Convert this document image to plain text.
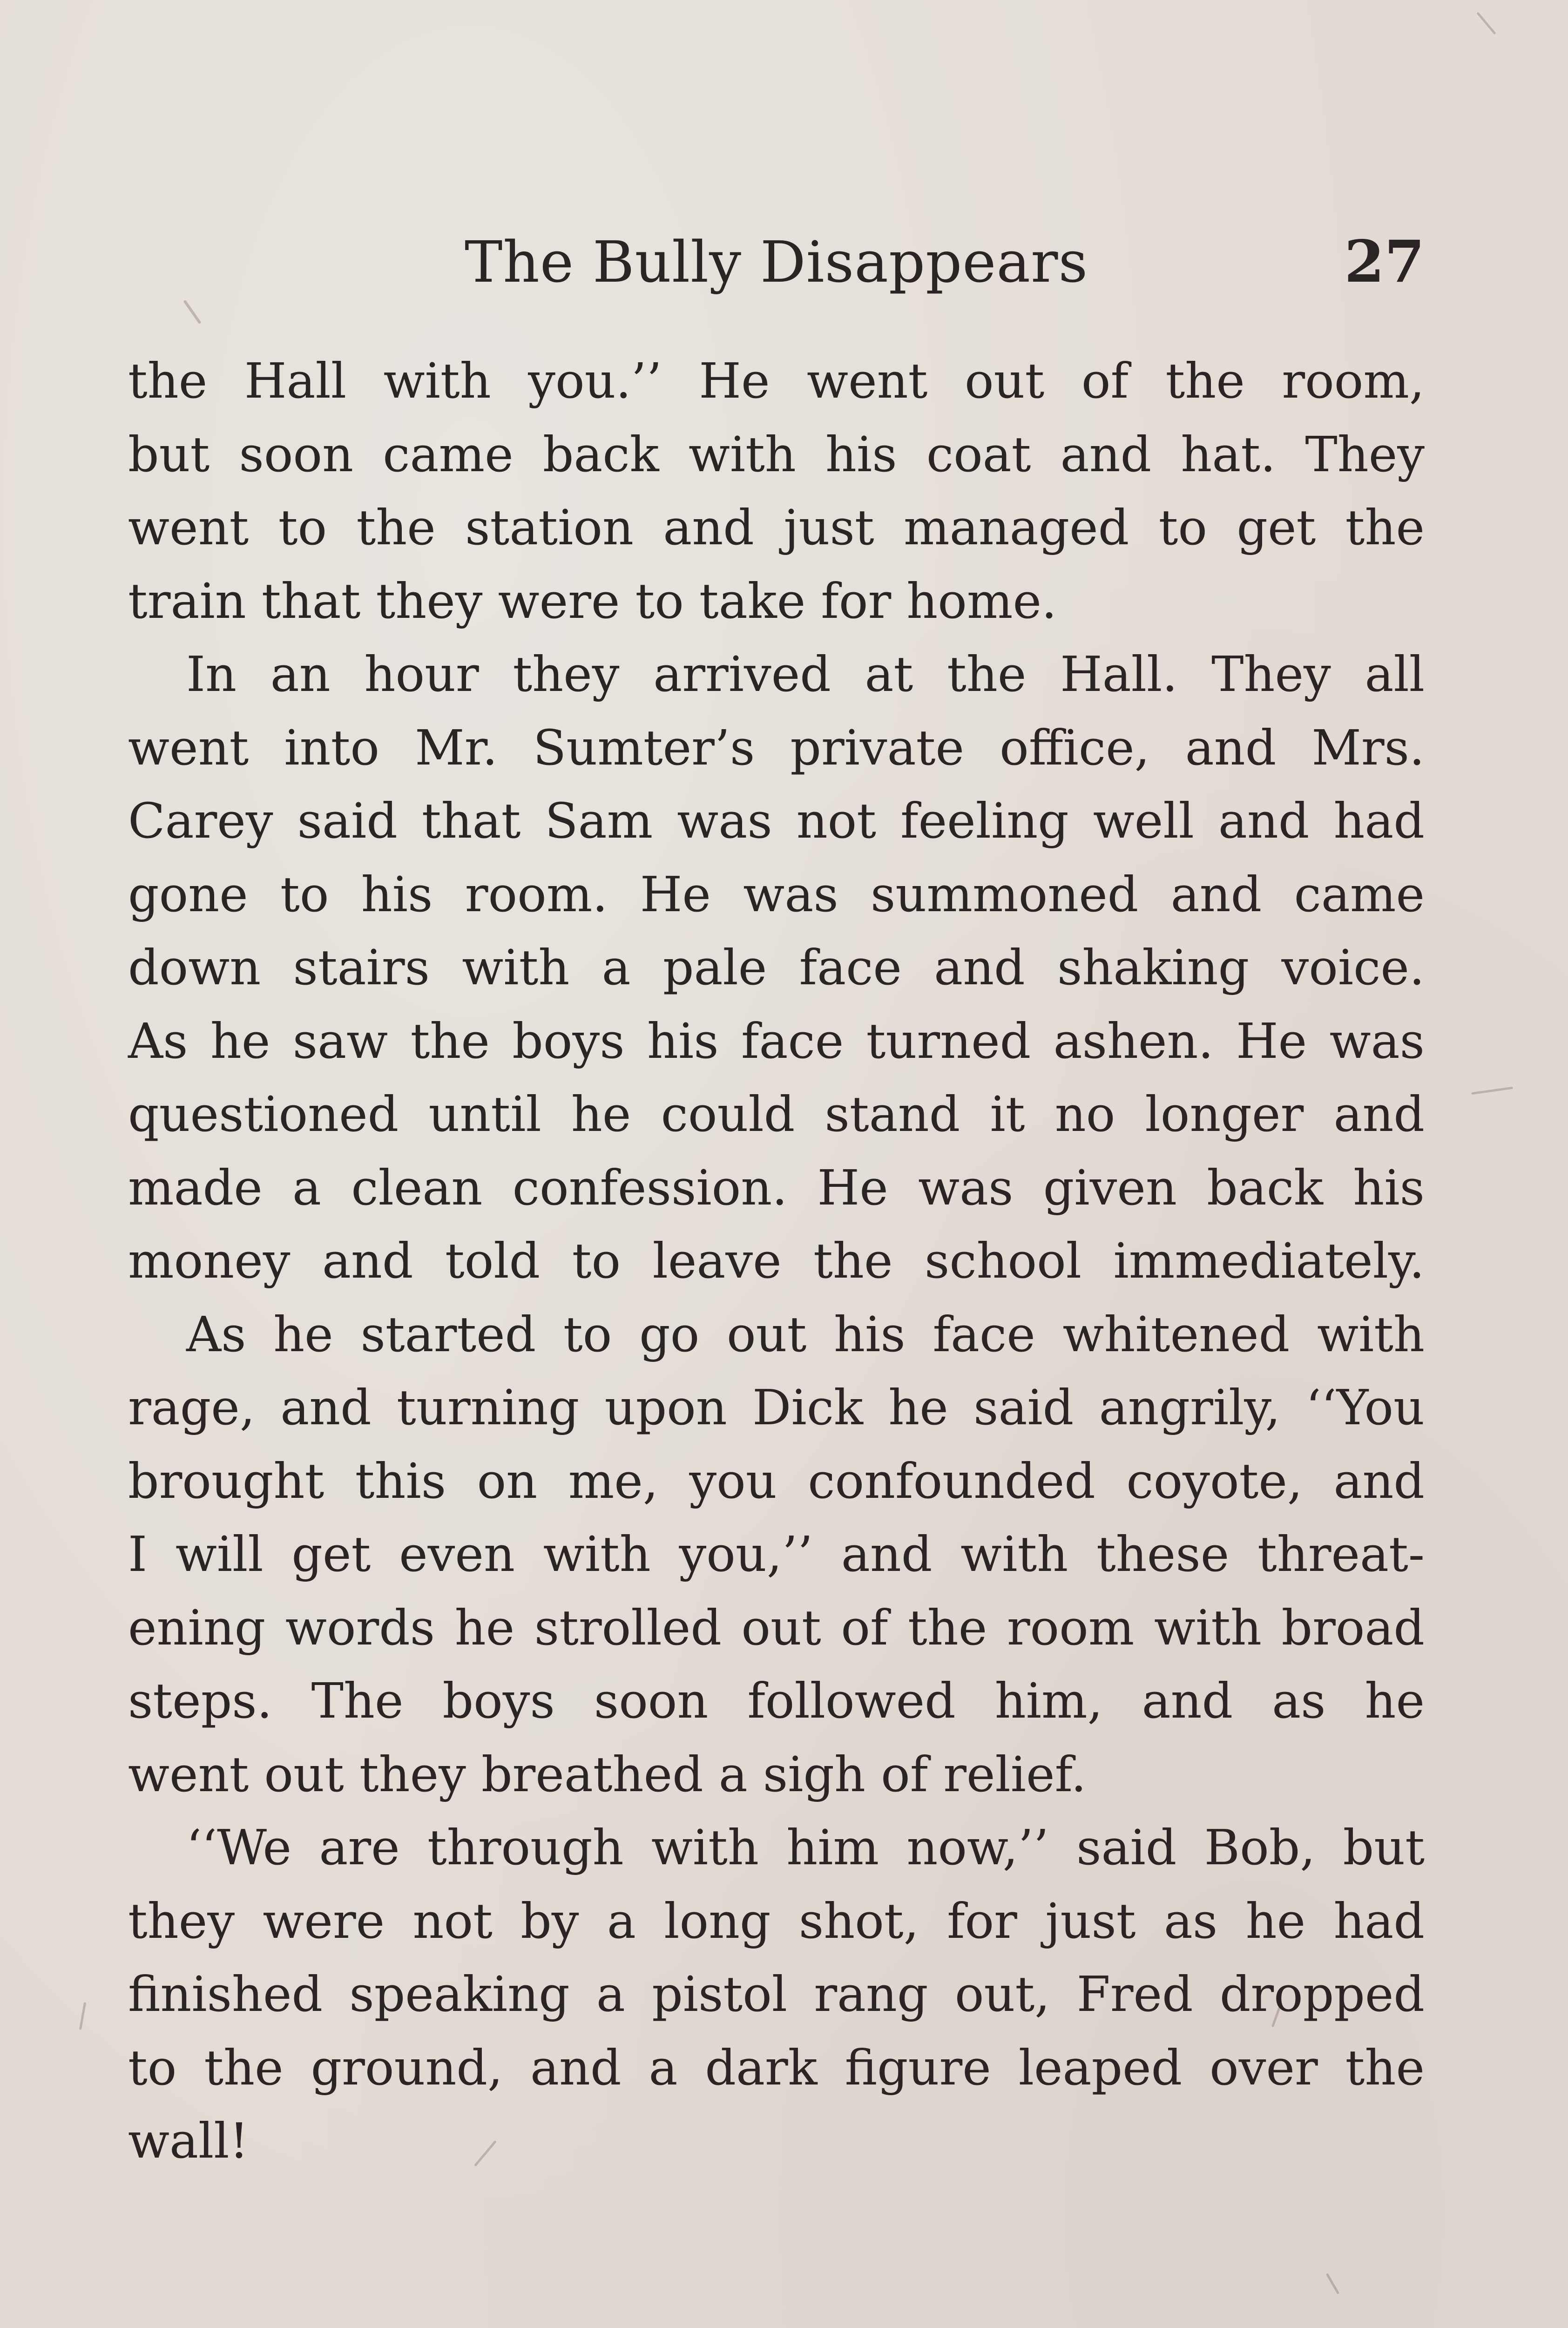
The Bully Disappears	27
the Hall with you.’’ He went out of the room,
but soon came back with his coat and hat. They
went to the station and just managed to get the
train that they were to take for home.
In an hour they arrived at the Hall. They all
went into Mr. Sumter’s private office, and Mrs.
Carey said that Sam was not feeling well and had
gone to his room. He was summoned and came
down stairs with a pale face and shaking voice.
As he saw the boys his face turned ashen. He was
questioned until he could stand it no longer and
made a clean confession. He was given back his
money and told to leave the school immediately.
As he started to go out his face whitened with
rage, and turning upon Dick he said angrily, ‘‘You
brought this on me, you confounded coyote, and
I will get even with you,’’ and with these threat-
ening words he strolled out of the room with broad
steps. The boys soon followed him, and as he
went out they breathed a sigh of relief.
‘‘We are through with him now,’’ said Bob, but
they were not by a long shot, for just as he had
finished speaking a pistol rang out, Fred dropped
to the ground, and a dark figure leaped over the
wall!
